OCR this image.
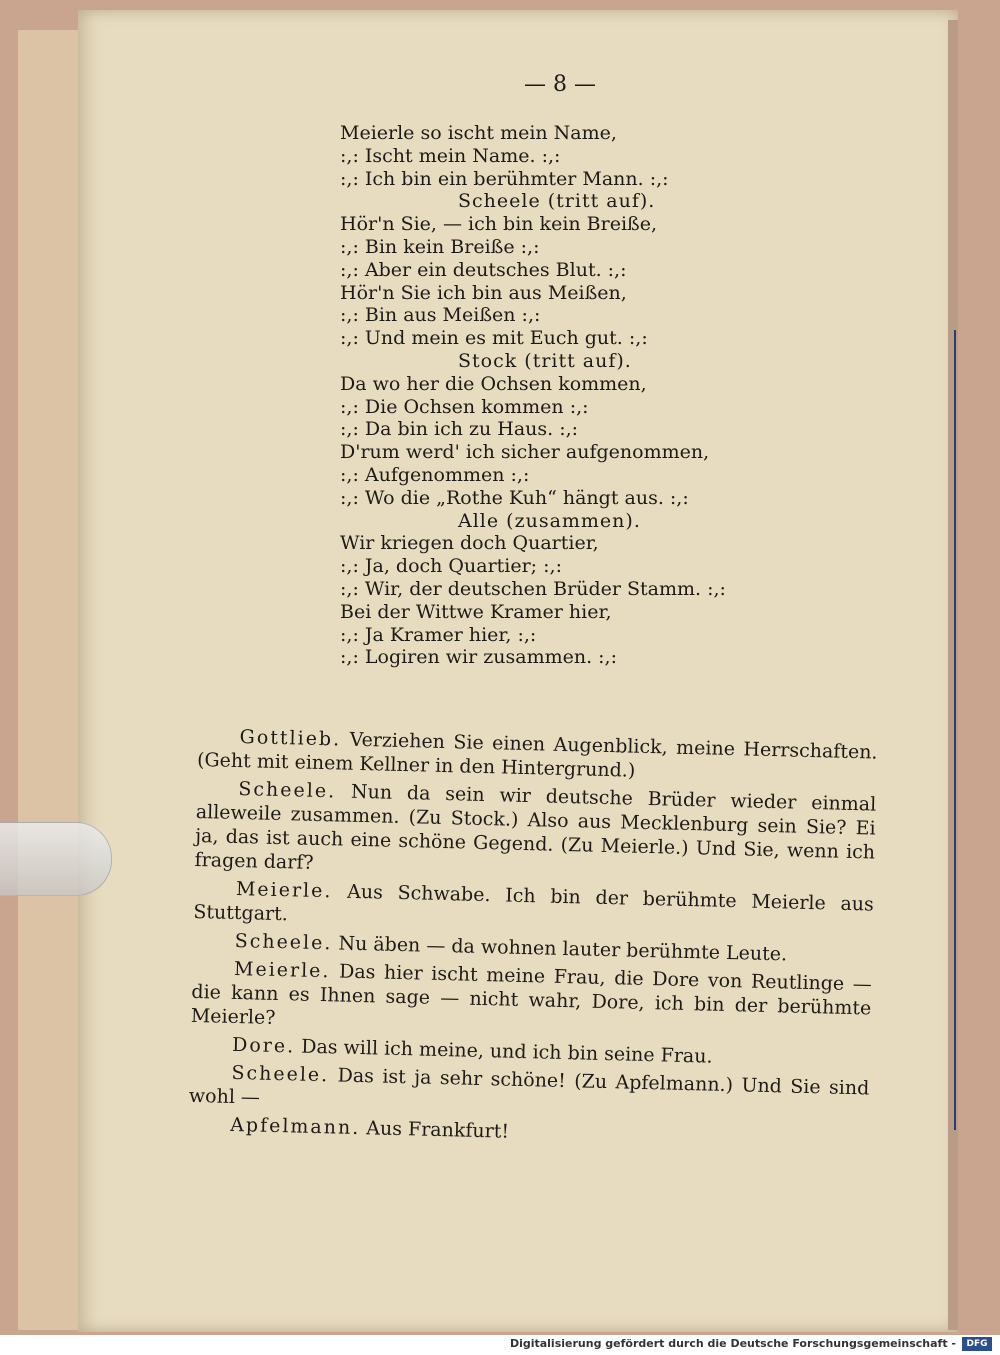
— 8 —
Meierle so ischt mein Name,
:,: Ischt mein Name. :,:
:,: Ich bin ein berühmter Mann. :,:
Scheele (tritt auf).
Hör'n Sie, — ich bin kein Breiße,
:,: Bin kein Breiße :,:
:,: Aber ein deutsches Blut. :,:
Hör'n Sie ich bin aus Meißen,
:,: Bin aus Meißen :,:
:,: Und mein es mit Euch gut. :,:
Stock (tritt auf).
Da wo her die Ochsen kommen,
:,: Die Ochsen kommen :,:
:,: Da bin ich zu Haus. :,:
D'rum werd' ich sicher aufgenommen,
:,: Aufgenommen :,:
:,: Wo die „Rothe Kuh“ hängt aus. :,:
Alle (zusammen).
Wir kriegen doch Quartier,
:,: Ja, doch Quartier; :,:
:,: Wir, der deutschen Brüder Stamm. :,:
Bei der Wittwe Kramer hier,
:,: Ja Kramer hier, :,:
:,: Logiren wir zusammen. :,:

Gottlieb. Verziehen Sie einen Augenblick, meine Herrschaften. (Geht mit einem Kellner in den Hintergrund.)

Scheele. Nun da sein wir deutsche Brüder wieder einmal alleweile zusammen. (Zu Stock.) Also aus Mecklenburg sein Sie? Ei ja, das ist auch eine schöne Gegend. (Zu Meierle.) Und Sie, wenn ich fragen darf?

Meierle. Aus Schwabe. Ich bin der berühmte Meierle aus Stuttgart.

Scheele. Nu äben — da wohnen lauter berühmte Leute.

Meierle. Das hier ischt meine Frau, die Dore von Reutlinge — die kann es Ihnen sage — nicht wahr, Dore, ich bin der berühmte Meierle?

Dore. Das will ich meine, und ich bin seine Frau.

Scheele. Das ist ja sehr schöne! (Zu Apfelmann.) Und Sie sind wohl —

Apfelmann. Aus Frankfurt!

Digitalisierung gefördert durch die Deutsche Forschungsgemeinschaft -	DFG
